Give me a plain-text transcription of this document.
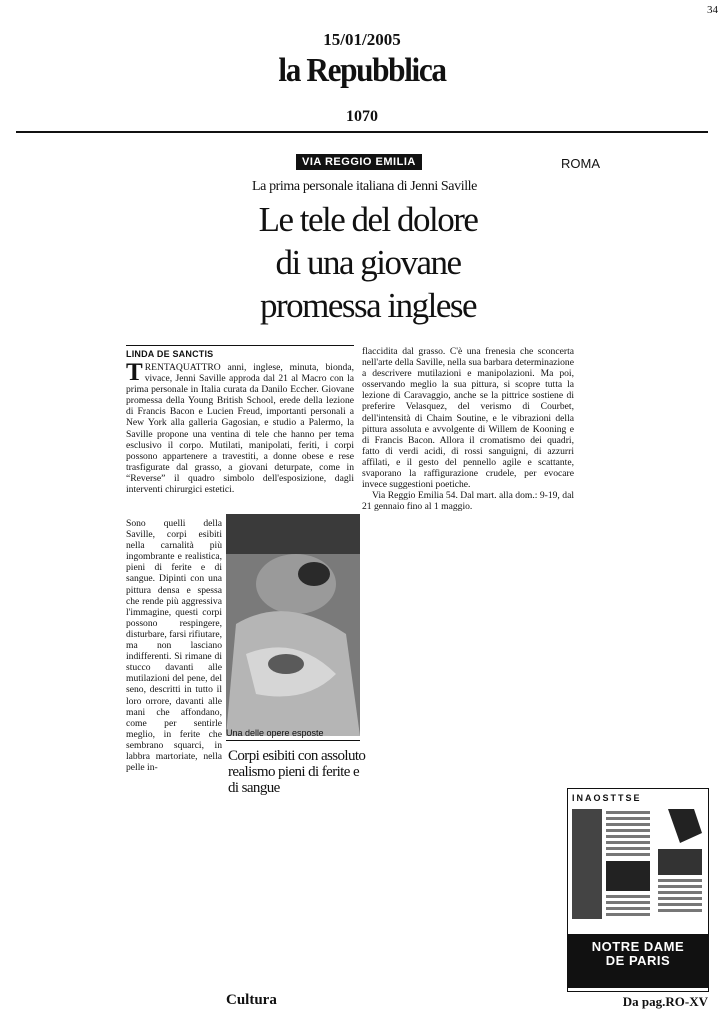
34
15/01/2005
la Repubblica
1070
VIA REGGIO EMILIA	ROMA
La prima personale italiana di Jenni Saville
Le tele del dolore
di una giovane
promessa inglese
LINDA DE SANCTIS

TRENTAQUATTRO anni, inglese, minuta, bionda, vivace, Jenni Saville approda dal 21 al Macro con la prima personale in Italia curata da Danilo Eccher. Giovane promessa della Young British School, erede della lezione di Francis Bacon e Lucien Freud, importanti personali a New York alla galleria Gagosian, e studio a Palermo, la Saville propone una ventina di tele che hanno per tema esclusivo il corpo. Mutilati, manipolati, feriti, i corpi possono appartenere a travestiti, a donne obese e rese trasfigurate dal grasso, a giovani deturpate, come in “Reverse” il quadro simbolo dell'esposizione, dagli interventi chirurgici estetici.

Una delle opere esposte

Sono quelli della Saville, corpi esibiti nella carnalità più ingombrante e realistica, pieni di ferite e di sangue. Dipinti con una pittura densa e spessa che rende più aggressiva l'immagine, questi corpi possono respingere, disturbare, farsi rifiutare, ma non lasciano indifferenti. Si rimane di stucco davanti alle mutilazioni del pene, del seno, descritti in tutto il loro orrore, davanti alle mani che affondano, come per sentirle meglio, in ferite che sembrano squarci, in labbra martoriate, nella pelle in-

Corpi esibiti con assoluto realismo pieni di ferite e di sangue

flaccidita dal grasso. C'è una frenesia che sconcerta nell'arte della Saville, nella sua barbara determinazione a descrivere mutilazioni e manipolazioni. Ma poi, osservando meglio la sua pittura, si scopre tutta la lezione di Caravaggio, anche se la pittrice sostiene di preferire Velasquez, del verismo di Courbet, dell'intensità di Chaim Soutine, e le vibrazioni della pittura assoluta e avvolgente di Willem de Kooning e di Francis Bacon. Allora il cromatismo dei quadri, fatto di verdi acidi, di rossi sanguigni, di azzurri affilati, e il gesto del pennello agile e scattante, svaporano la raffigurazione crudele, per evocare invece suggestioni poetiche.

Via Reggio Emilia 54. Dal mart. alla dom.: 9-19, dal 21 gennaio fino al 1 maggio.

INAOSTTSE
NOTRE DAME
DE PARIS
Cultura	Da pag.RO-XV
